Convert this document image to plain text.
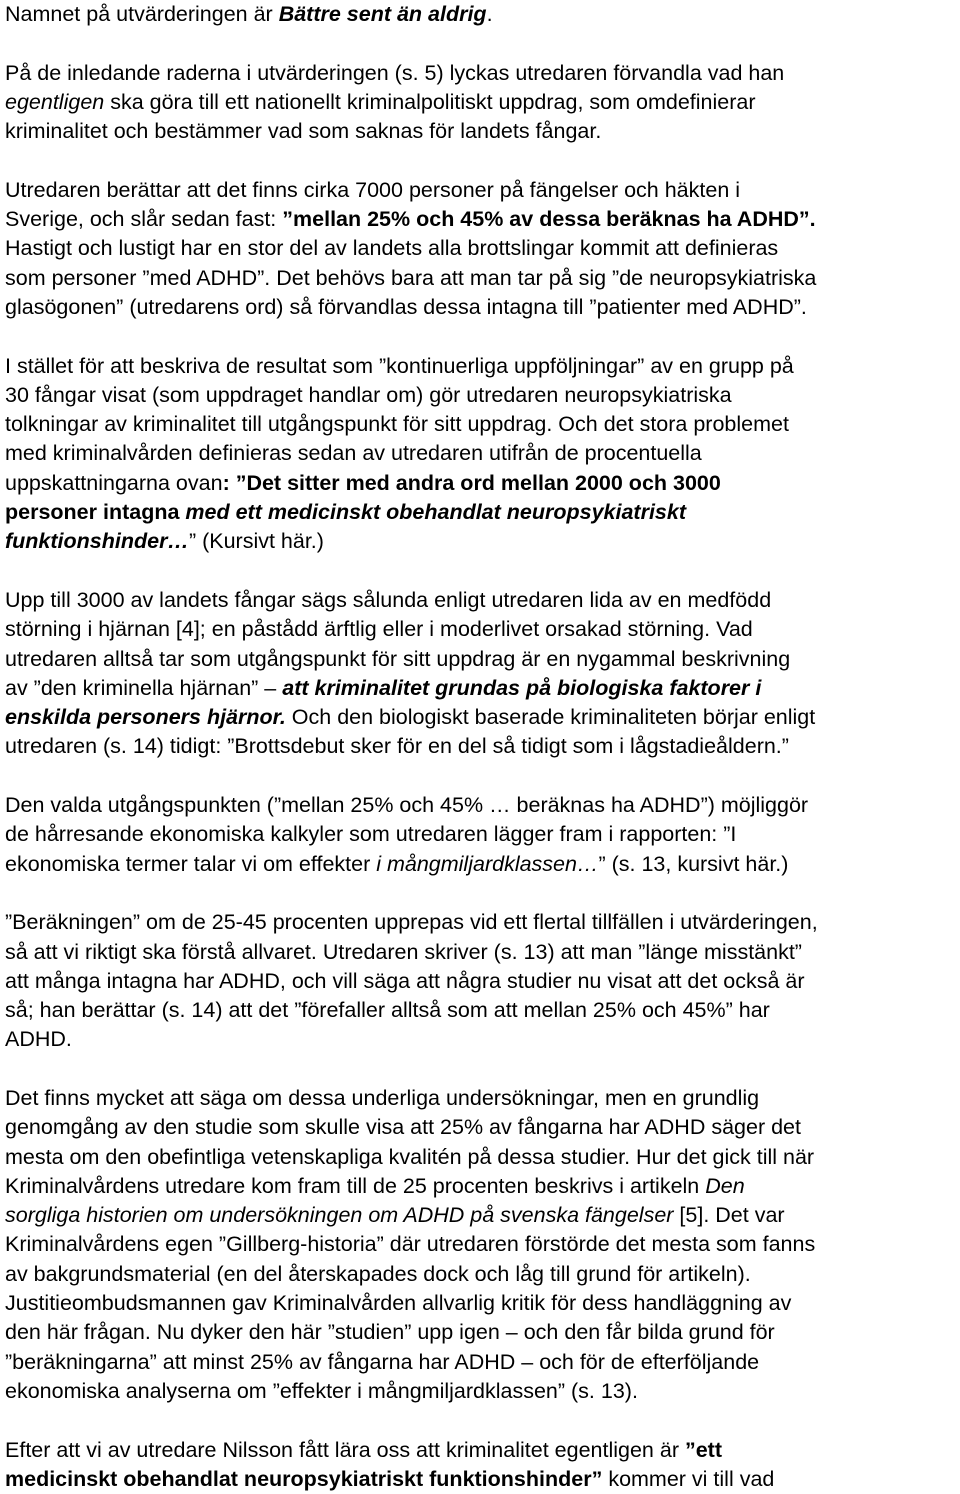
Namnet på utvärderingen är Bättre sent än aldrig.
På de inledande raderna i utvärderingen (s. 5) lyckas utredaren förvandla vad han
egentligen ska göra till ett nationellt kriminalpolitiskt uppdrag, som omdefinierar
kriminalitet och bestämmer vad som saknas för landets fångar.
Utredaren berättar att det finns cirka 7000 personer på fängelser och häkten i
Sverige, och slår sedan fast: ”mellan 25% och 45% av dessa beräknas ha ADHD”.
Hastigt och lustigt har en stor del av landets alla brottslingar kommit att definieras
som personer ”med ADHD”. Det behövs bara att man tar på sig ”de neuropsykiatriska
glasögonen” (utredarens ord) så förvandlas dessa intagna till ”patienter med ADHD”.
I stället för att beskriva de resultat som ”kontinuerliga uppföljningar” av en grupp på
30 fångar visat (som uppdraget handlar om) gör utredaren neuropsykiatriska
tolkningar av kriminalitet till utgångspunkt för sitt uppdrag. Och det stora problemet
med kriminalvården definieras sedan av utredaren utifrån de procentuella
uppskattningarna ovan: ”Det sitter med andra ord mellan 2000 och 3000
personer intagna med ett medicinskt obehandlat neuropsykiatriskt
funktionshinder…” (Kursivt här.)
Upp till 3000 av landets fångar sägs sålunda enligt utredaren lida av en medfödd
störning i hjärnan [4]; en påstådd ärftlig eller i moderlivet orsakad störning. Vad
utredaren alltså tar som utgångspunkt för sitt uppdrag är en nygammal beskrivning
av ”den kriminella hjärnan” – att kriminalitet grundas på biologiska faktorer i
enskilda personers hjärnor. Och den biologiskt baserade kriminaliteten börjar enligt
utredaren (s. 14) tidigt: ”Brottsdebut sker för en del så tidigt som i lågstadieåldern.”
Den valda utgångspunkten (”mellan 25% och 45% … beräknas ha ADHD”) möjliggör
de hårresande ekonomiska kalkyler som utredaren lägger fram i rapporten: ”I
ekonomiska termer talar vi om effekter i mångmiljardklassen…” (s. 13, kursivt här.)
”Beräkningen” om de 25-45 procenten upprepas vid ett flertal tillfällen i utvärderingen,
så att vi riktigt ska förstå allvaret. Utredaren skriver (s. 13) att man ”länge misstänkt”
att många intagna har ADHD, och vill säga att några studier nu visat att det också är
så; han berättar (s. 14) att det ”förefaller alltså som att mellan 25% och 45%” har
ADHD.
Det finns mycket att säga om dessa underliga undersökningar, men en grundlig
genomgång av den studie som skulle visa att 25% av fångarna har ADHD säger det
mesta om den obefintliga vetenskapliga kvalitén på dessa studier. Hur det gick till när
Kriminalvårdens utredare kom fram till de 25 procenten beskrivs i artikeln Den
sorgliga historien om undersökningen om ADHD på svenska fängelser [5]. Det var
Kriminalvårdens egen ”Gillberg-historia” där utredaren förstörde det mesta som fanns
av bakgrundsmaterial (en del återskapades dock och låg till grund för artikeln).
Justitieombudsmannen gav Kriminalvården allvarlig kritik för dess handläggning av
den här frågan. Nu dyker den här ”studien” upp igen – och den får bilda grund för
”beräkningarna” att minst 25% av fångarna har ADHD – och för de efterföljande
ekonomiska analyserna om ”effekter i mångmiljardklassen” (s. 13).
Efter att vi av utredare Nilsson fått lära oss att kriminalitet egentligen är ”ett
medicinskt obehandlat neuropsykiatriskt funktionshinder” kommer vi till vad
